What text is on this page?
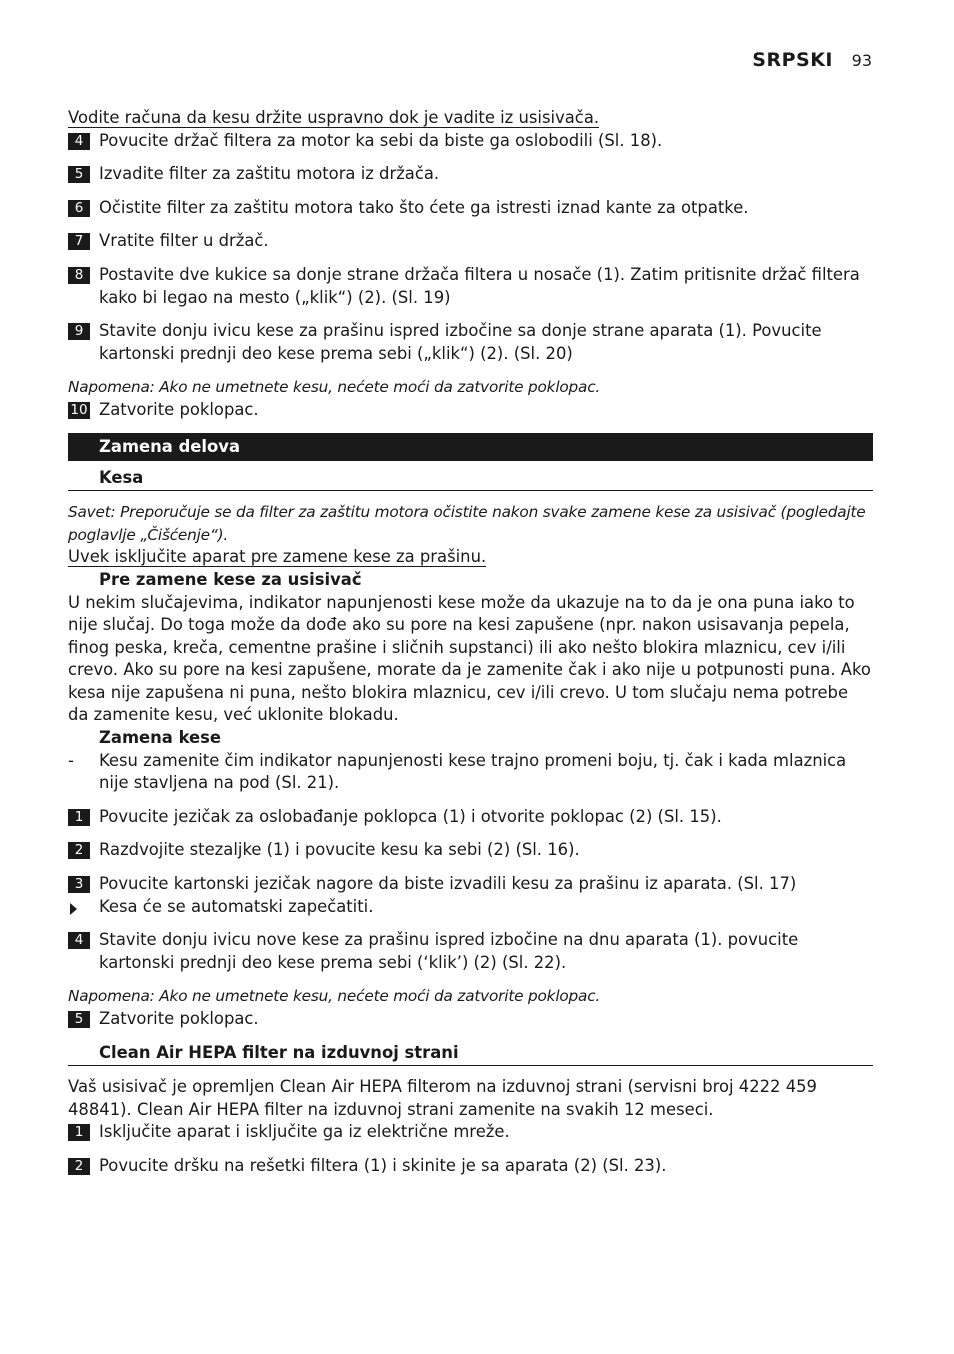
SRPSKI 93

Vodite računa da kesu držite uspravno dok je vadite iz usisivača.

4 Povucite držač filtera za motor ka sebi da biste ga oslobodili (Sl. 18).
5 Izvadite filter za zaštitu motora iz držača.
6 Očistite filter za zaštitu motora tako što ćete ga istresti iznad kante za otpatke.
7 Vratite filter u držač.
8 Postavite dve kukice sa donje strane držača filtera u nosače (1). Zatim pritisnite držač filtera kako bi legao na mesto („klik“) (2). (Sl. 19)
9 Stavite donju ivicu kese za prašinu ispred izbočine sa donje strane aparata (1). Povucite kartonski prednji deo kese prema sebi („klik“) (2). (Sl. 20)

Napomena: Ako ne umetnete kesu, nećete moći da zatvorite poklopac.

10 Zatvorite poklopac.
Zamena delova
Kesa

Savet: Preporučuje se da filter za zaštitu motora očistite nakon svake zamene kese za usisivač (pogledajte poglavlje „Čišćenje“).

Uvek isključite aparat pre zamene kese za prašinu.

Pre zamene kese za usisivač

U nekim slučajevima, indikator napunjenosti kese može da ukazuje na to da je ona puna iako to nije slučaj. Do toga može da dođe ako su pore na kesi zapušene (npr. nakon usisavanja pepela, finog peska, kreča, cementne prašine i sličnih supstanci) ili ako nešto blokira mlaznicu, cev i/ili crevo. Ako su pore na kesi zapušene, morate da je zamenite čak i ako nije u potpunosti puna. Ako kesa nije zapušena ni puna, nešto blokira mlaznicu, cev i/ili crevo. U tom slučaju nema potrebe da zamenite kesu, već uklonite blokadu.

Zamena kese

- Kesu zamenite čim indikator napunjenosti kese trajno promeni boju, tj. čak i kada mlaznica nije stavljena na pod (Sl. 21).
1 Povucite jezičak za oslobađanje poklopca (1) i otvorite poklopac (2) (Sl. 15).
2 Razdvojite stezaljke (1) i povucite kesu ka sebi (2) (Sl. 16).
3 Povucite kartonski jezičak nagore da biste izvadili kesu za prašinu iz aparata. (Sl. 17)
Kesa će se automatski zapečatiti.
4 Stavite donju ivicu nove kese za prašinu ispred izbočine na dnu aparata (1). povucite kartonski prednji deo kese prema sebi (‘klik’) (2) (Sl. 22).

Napomena: Ako ne umetnete kesu, nećete moći da zatvorite poklopac.

5 Zatvorite poklopac.
Clean Air HEPA filter na izduvnoj strani

Vaš usisivač je opremljen Clean Air HEPA filterom na izduvnoj strani (servisni broj 4222 459 48841). Clean Air HEPA filter na izduvnoj strani zamenite na svakih 12 meseci.

1 Isključite aparat i isključite ga iz električne mreže.
2 Povucite dršku na rešetki filtera (1) i skinite je sa aparata (2) (Sl. 23).
